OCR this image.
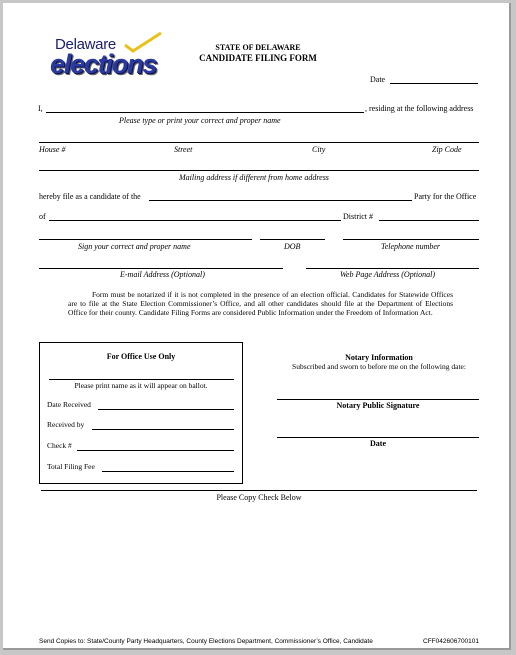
Delaware
elections
STATE OF DELAWARE
CANDIDATE FILING FORM
Date
I,	, residing at the following address
Please type or print your correct and proper name
House #	Street	City	Zip Code
Mailing address if different from home address
hereby file as a candidate of the	Party for the Office
of	District #
Sign your correct and proper name	DOB	Telephone number
E-mail Address (Optional)	Web Page Address (Optional)
Form must be notarized if it is not completed in the presence of an election official. Candidates for Statewide Offices are to file at the State Election Commissioner’s Office, and all other candidates should file at the Department of Elections Office for their county. Candidate Filing Forms are considered Public Information under the Freedom of Information Act.
For Office Use Only
Please print name as it will appear on ballot.
Date Received
Received by
Check #
Total Filing Fee
Notary Information
Subscribed and sworn to before me on the following date:
Notary Public Signature
Date
Please Copy Check Below
Send Copies to: State/County Party Headquarters, County Elections Department, Commissioner’s Office, Candidate	CFF042606700101
